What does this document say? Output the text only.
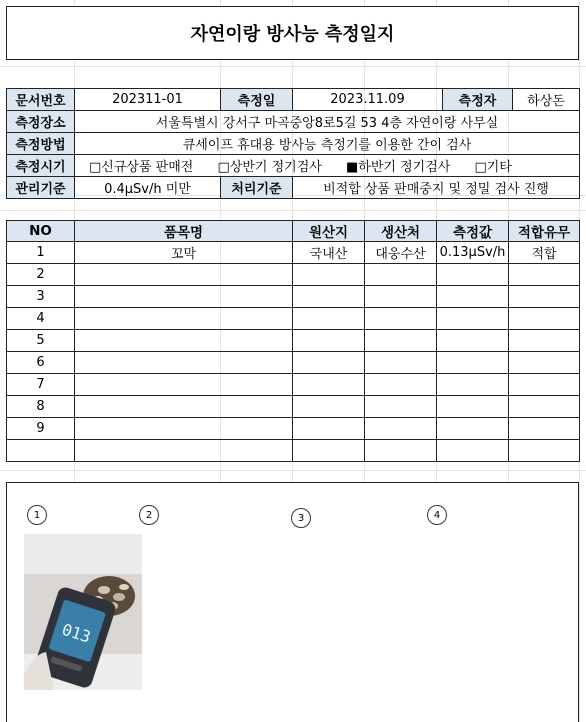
자연이랑 방사능 측정일지
문서번호	202311-01	측정일	2023.11.09	측정자	하상돈
측정장소	서울특별시 강서구 마곡중앙8로5길 53 4층 자연이랑 사무실				
측정방법	큐세이프 휴대용 방사능 측정기를 이용한 간이 검사				
측정시기	□신규상품 판매전 □상반기 정기검사 ■하반기 정기검사 □기타				
관리기준	0.4μSv/h 미만	처리기준	비적합 상품 판매중지 및 정밀 검사 진행		
NO	품목명	원산지	생산처	측정값	적합유무
1	꼬막	국내산	대웅수산	0.13μSv/h	적합
2					
3					
4					
5					
6					
7					
8					
9					

1	2	3	4
013
